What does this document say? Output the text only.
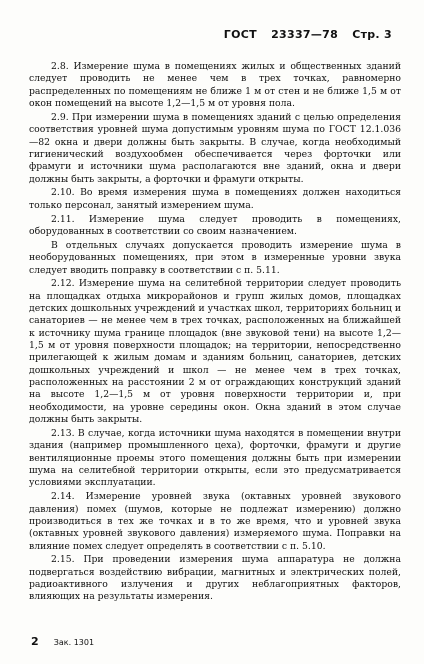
ГОСТ 23337—78 Стр. 3

2.8. Измерение шума в помещениях жилых и общественных зданий следует проводить не менее чем в трех точках, равномерно распределенных по помещениям не ближе 1 м от стен и не ближе 1,5 м от окон помещений на высоте 1,2—1,5 м от уровня пола.

2.9. При измерении шума в помещениях зданий с целью определения соответствия уровней шума допустимым уровням шума по ГОСТ 12.1.036 —82 окна и двери должны быть закрыты. В случае, когда необходимый гигиенический воздухообмен обеспечивается через форточки или фрамуги и источники шума располагаются вне зданий, окна и двери должны быть закрыты, а форточки и фрамуги открыты.

2.10. Во время измерения шума в помещениях должен находиться только персонал, занятый измерением шума.

2.11. Измерение шума следует проводить в помещениях, оборудованных в соответствии со своим назначением.

В отдельных случаях допускается проводить измерение шума в необорудованных помещениях, при этом в измеренные уровни звука следует вводить поправку в соответствии с п. 5.11.

2.12. Измерение шума на селитебной территории следует проводить на площадках отдыха микрорайонов и групп жилых домов, площадках детских дошкольных учреждений и участках школ, территориях больниц и санаториев — не менее чем в трех точках, расположенных на ближайшей к источнику шума границе площадок (вне звуковой тени) на высоте 1,2—1,5 м от уровня поверхности площадок; на территории, непосредственно прилегающей к жилым домам и зданиям больниц, санаториев, детских дошкольных учреждений и школ — не менее чем в трех точках, расположенных на расстоянии 2 м от ограждающих конструкций зданий на высоте 1,2—1,5 м от уровня поверхности территории и, при необходимости, на уровне середины окон. Окна зданий в этом случае должны быть закрыты.

2.13. В случае, когда источники шума находятся в помещении внутри здания (например промышленного цеха), форточки, фрамуги и другие вентиляционные проемы этого помещения должны быть при измерении шума на селитебной территории открыты, если это предусматривается условиями эксплуатации.

2.14. Измерение уровней звука (октавных уровней звукового давления) помех (шумов, которые не подлежат измерению) должно производиться в тех же точках и в то же время, что и уровней звука (октавных уровней звукового давления) измеряемого шума. Поправки на влияние помех следует определять в соответствии с п. 5.10.

2.15. При проведении измерения шума аппаратура не должна подвергаться воздействию вибрации, магнитных и электрических полей, радиоактивного излучения и других неблагоприятных факторов, влияющих на результаты измерения.

2 Зак. 1301
